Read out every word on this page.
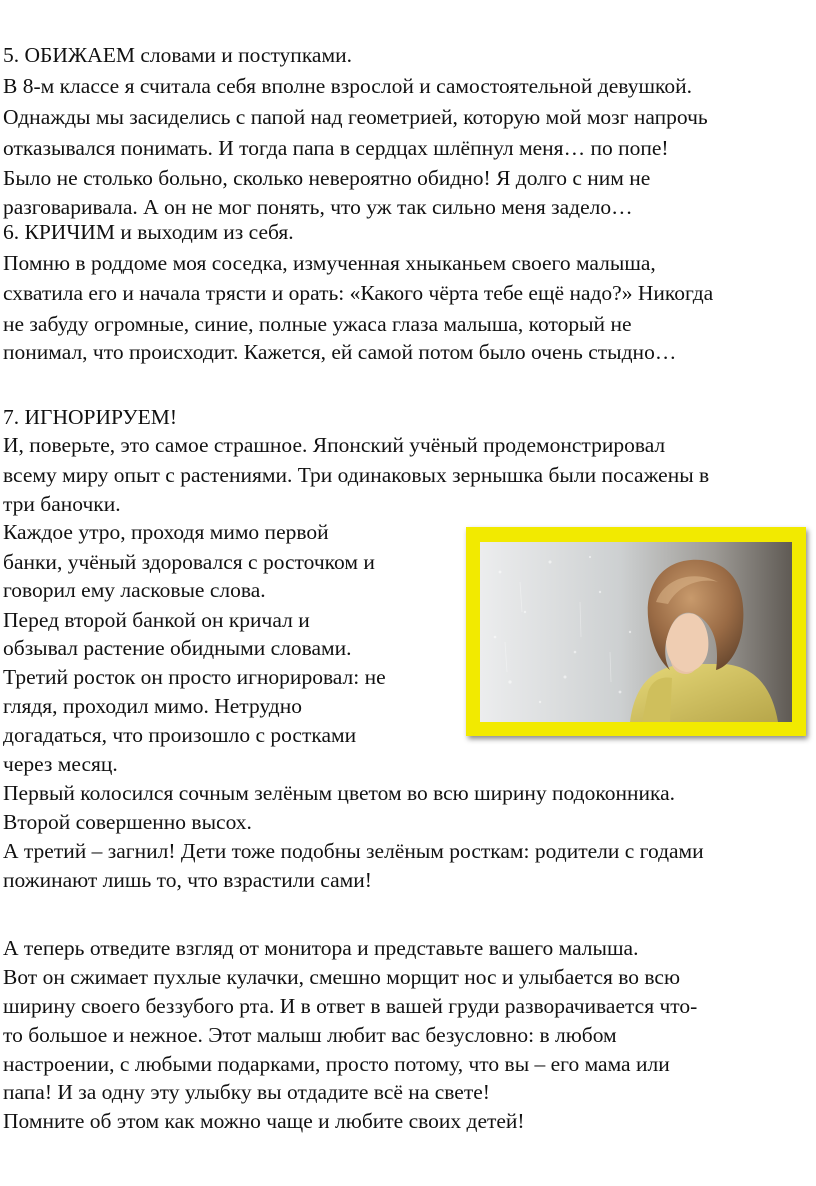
5. ОБИЖАЕМ словами и поступками.
В 8-м классе я считала себя вполне взрослой и самостоятельной девушкой.
Однажды мы засиделись с папой над геометрией, которую мой мозг напрочь
отказывался понимать. И тогда папа в сердцах шлёпнул меня… по попе!
Было не столько больно, сколько невероятно обидно! Я долго с ним не
разговаривала. А он не мог понять, что уж так сильно меня задело…
6. КРИЧИМ и выходим из себя.
Помню в роддоме моя соседка, измученная хныканьем своего малыша,
схватила его и начала трясти и орать: «Какого чёрта тебе ещё надо?» Никогда
не забуду огромные, синие, полные ужаса глаза малыша, который не
понимал, что происходит. Кажется, ей самой потом было очень стыдно…
7. ИГНОРИРУЕМ!
И, поверьте, это самое страшное. Японский учёный продемонстрировал
всему миру опыт с растениями. Три одинаковых зернышка были посажены в
три баночки.
Каждое утро, проходя мимо первой
банки, учёный здоровался с росточком и
говорил ему ласковые слова.
Перед второй банкой он кричал и
обзывал растение обидными словами.
Третий росток он просто игнорировал: не
глядя, проходил мимо. Нетрудно
догадаться, что произошло с ростками
через месяц.
Первый колосился сочным зелёным цветом во всю ширину подоконника.
Второй совершенно высох.
А третий – загнил! Дети тоже подобны зелёным росткам: родители с годами
пожинают лишь то, что взрастили сами!
А теперь отведите взгляд от монитора и представьте вашего малыша.
Вот он сжимает пухлые кулачки, смешно морщит нос и улыбается во всю
ширину своего беззубого рта. И в ответ в вашей груди разворачивается что-
то большое и нежное. Этот малыш любит вас безусловно: в любом
настроении, с любыми подарками, просто потому, что вы – его мама или
папа! И за одну эту улыбку вы отдадите всё на свете!
Помните об этом как можно чаще и любите своих детей!
